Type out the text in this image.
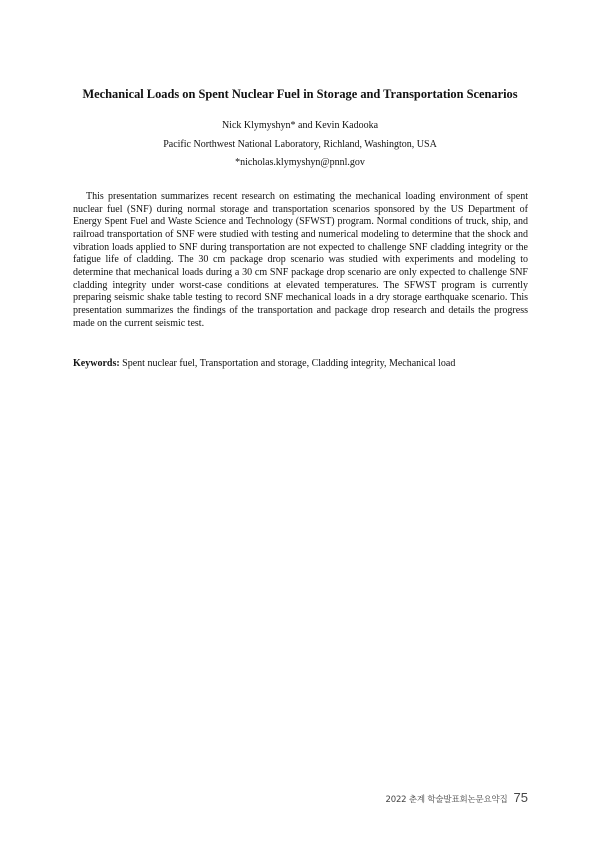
Mechanical Loads on Spent Nuclear Fuel in Storage and Transportation Scenarios

Nick Klymyshyn* and Kevin Kadooka

Pacific Northwest National Laboratory, Richland, Washington, USA

*nicholas.klymyshyn@pnnl.gov

This presentation summarizes recent research on estimating the mechanical loading environment of spent nuclear fuel (SNF) during normal storage and transportation scenarios sponsored by the US Department of Energy Spent Fuel and Waste Science and Technology (SFWST) program. Normal conditions of truck, ship, and railroad transportation of SNF were studied with testing and numerical modeling to determine that the shock and vibration loads applied to SNF during transportation are not expected to challenge SNF cladding integrity or the fatigue life of cladding. The 30 cm package drop scenario was studied with experiments and modeling to determine that mechanical loads during a 30 cm SNF package drop scenario are only expected to challenge SNF cladding integrity under worst-case conditions at elevated temperatures. The SFWST program is currently preparing seismic shake table testing to record SNF mechanical loads in a dry storage earthquake scenario. This presentation summarizes the findings of the transportation and package drop research and details the progress made on the current seismic test.

Keywords: Spent nuclear fuel, Transportation and storage, Cladding integrity, Mechanical load

2022 춘계 학술발표회논문요약집 75
